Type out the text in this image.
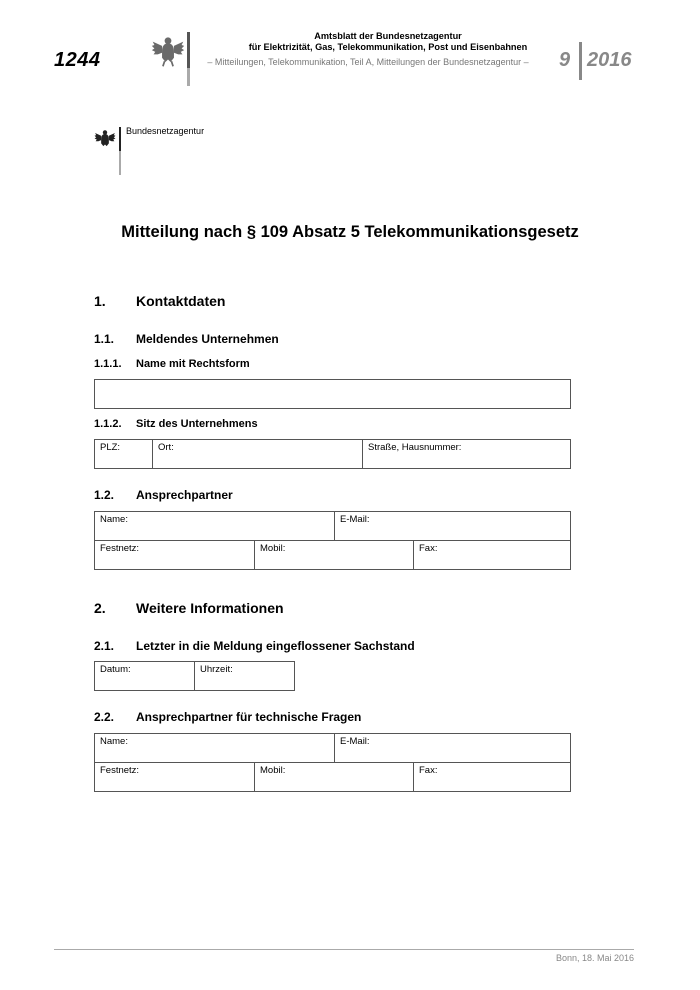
1244
Amtsblatt der Bundesnetzagentur
für Elektrizität, Gas, Telekommunikation, Post und Eisenbahnen
– Mitteilungen, Telekommunikation, Teil A, Mitteilungen der Bundesnetzagentur –	9 2016
Bundesnetzagentur
Mitteilung nach § 109 Absatz 5 Telekommunikationsgesetz
1. Kontaktdaten
1.1. Meldendes Unternehmen
1.1.1. Name mit Rechtsform
1.1.2. Sitz des Unternehmens
PLZ:	Ort:	Straße, Hausnummer:
1.2. Ansprechpartner
Name:	E-Mail:
Festnetz:	Mobil:	Fax:
2. Weitere Informationen
2.1. Letzter in die Meldung eingeflossener Sachstand
Datum:	Uhrzeit:
2.2. Ansprechpartner für technische Fragen
Name:	E-Mail:
Festnetz:	Mobil:	Fax:
Bonn, 18. Mai 2016
